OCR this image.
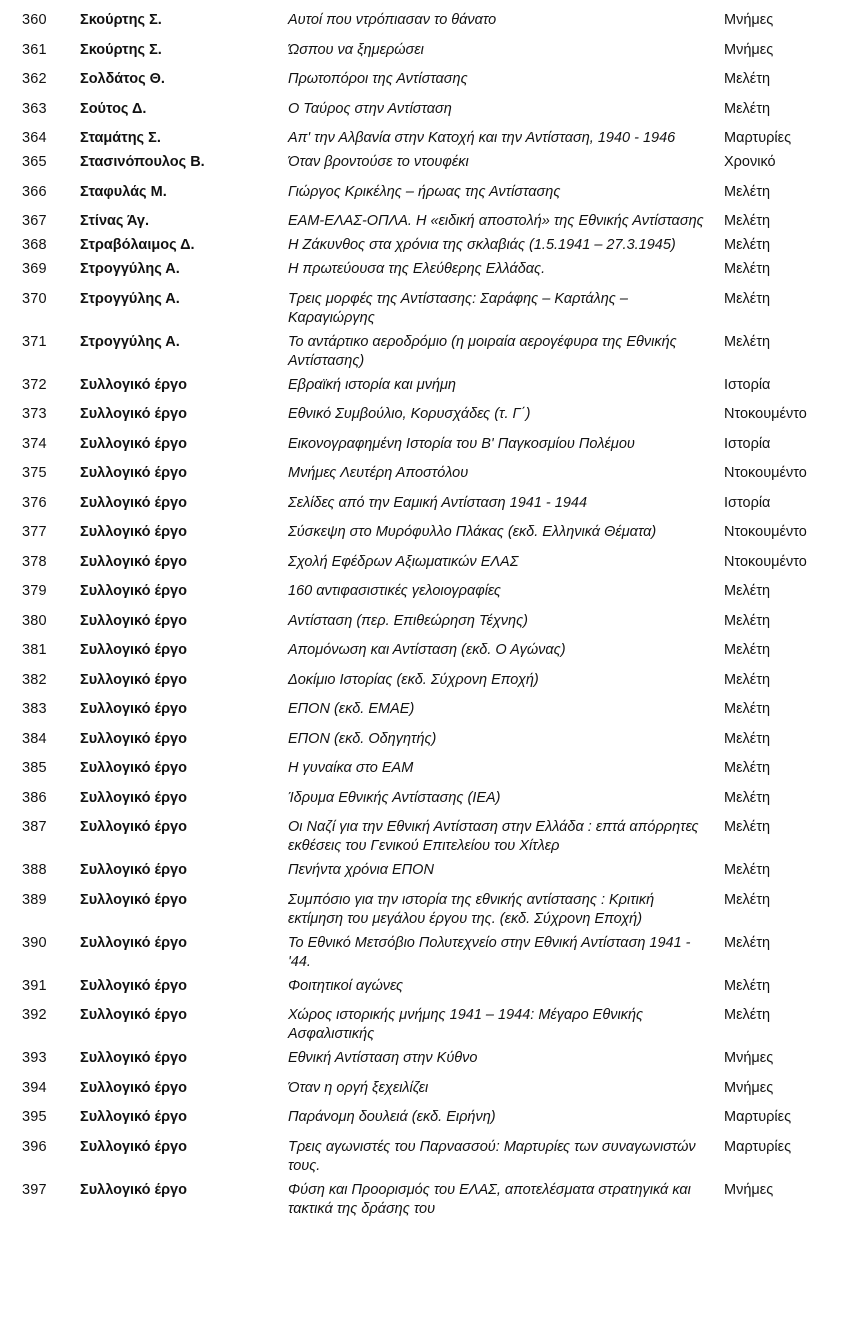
360	Σκούρτης Σ.	Αυτοί που ντρόπιασαν το θάνατο	Μνήμες
361	Σκούρτης Σ.	Ώσπου να ξημερώσει	Μνήμες
362	Σολδάτος Θ.	Πρωτοπόροι της Αντίστασης	Μελέτη
363	Σούτος Δ.	Ο Ταύρος στην Αντίσταση	Μελέτη
364	Σταμάτης Σ.	Απ' την Αλβανία στην Κατοχή και την Αντίσταση, 1940 - 1946	Μαρτυρίες
365	Στασινόπουλος Β.	Όταν βροντούσε το ντουφέκι	Χρονικό
366	Σταφυλάς Μ.	Γιώργος Κρικέλης – ήρωας της Αντίστασης	Μελέτη
367	Στίνας Άγ.	ΕΑΜ-ΕΛΑΣ-ΟΠΛΑ. Η «ειδική αποστολή» της Εθνικής Αντίστασης	Μελέτη
368	Στραβόλαιμος Δ.	Η Ζάκυνθος στα χρόνια της σκλαβιάς (1.5.1941 – 27.3.1945)	Μελέτη
369	Στρογγύλης Α.	Η πρωτεύουσα της Ελεύθερης Ελλάδας.	Μελέτη
370	Στρογγύλης Α.	Τρεις μορφές της Αντίστασης: Σαράφης – Καρτάλης – Καραγιώργης	Μελέτη
371	Στρογγύλης Α.	Το αντάρτικο αεροδρόμιο (η μοιραία αερογέφυρα της Εθνικής Αντίστασης)	Μελέτη
372	Συλλογικό έργο	Εβραϊκή ιστορία και μνήμη	Ιστορία
373	Συλλογικό έργο	Εθνικό Συμβούλιο, Κορυσχάδες (τ. Γ΄)	Ντοκουμέντο
374	Συλλογικό έργο	Εικονογραφημένη Ιστορία του Β' Παγκοσμίου Πολέμου	Ιστορία
375	Συλλογικό έργο	Μνήμες Λευτέρη Αποστόλου	Ντοκουμέντο
376	Συλλογικό έργο	Σελίδες από την Εαμική Αντίσταση 1941 - 1944	Ιστορία
377	Συλλογικό έργο	Σύσκεψη στο Μυρόφυλλο Πλάκας (εκδ. Ελληνικά Θέματα)	Ντοκουμέντο
378	Συλλογικό έργο	Σχολή Εφέδρων Αξιωματικών ΕΛΑΣ	Ντοκουμέντο
379	Συλλογικό έργο	160 αντιφασιστικές γελοιογραφίες	Μελέτη
380	Συλλογικό έργο	Αντίσταση (περ. Επιθεώρηση Τέχνης)	Μελέτη
381	Συλλογικό έργο	Απομόνωση και Αντίσταση (εκδ. Ο Αγώνας)	Μελέτη
382	Συλλογικό έργο	Δοκίμιο Ιστορίας (εκδ. Σύχρονη Εποχή)	Μελέτη
383	Συλλογικό έργο	ΕΠΟΝ (εκδ. ΕΜΑΕ)	Μελέτη
384	Συλλογικό έργο	ΕΠΟΝ (εκδ. Οδηγητής)	Μελέτη
385	Συλλογικό έργο	Η γυναίκα στο ΕΑΜ	Μελέτη
386	Συλλογικό έργο	Ίδρυμα Εθνικής Αντίστασης (ΙΕΑ)	Μελέτη
387	Συλλογικό έργο	Οι Ναζί για την Εθνική Αντίσταση στην Ελλάδα : επτά απόρρητες εκθέσεις του Γενικού Επιτελείου του Χίτλερ	Μελέτη
388	Συλλογικό έργο	Πενήντα χρόνια ΕΠΟΝ	Μελέτη
389	Συλλογικό έργο	Συμπόσιο για την ιστορία της εθνικής αντίστασης : Κριτική εκτίμηση του μεγάλου έργου της. (εκδ. Σύχρονη Εποχή)	Μελέτη
390	Συλλογικό έργο	Το Εθνικό Μετσόβιο Πολυτεχνείο στην Εθνική Αντίσταση 1941 - '44.	Μελέτη
391	Συλλογικό έργο	Φοιτητικοί αγώνες	Μελέτη
392	Συλλογικό έργο	Χώρος ιστορικής μνήμης 1941 – 1944: Μέγαρο Εθνικής Ασφαλιστικής	Μελέτη
393	Συλλογικό έργο	Εθνική Αντίσταση στην Κύθνο	Μνήμες
394	Συλλογικό έργο	Όταν η οργή ξεχειλίζει	Μνήμες
395	Συλλογικό έργο	Παράνομη δουλειά (εκδ. Ειρήνη)	Μαρτυρίες
396	Συλλογικό έργο	Τρεις αγωνιστές του Παρνασσού: Μαρτυρίες των συναγωνιστών τους.	Μαρτυρίες
397	Συλλογικό έργο	Φύση και Προορισμός του ΕΛΑΣ, αποτελέσματα στρατηγικά και τακτικά της δράσης του	Μνήμες
